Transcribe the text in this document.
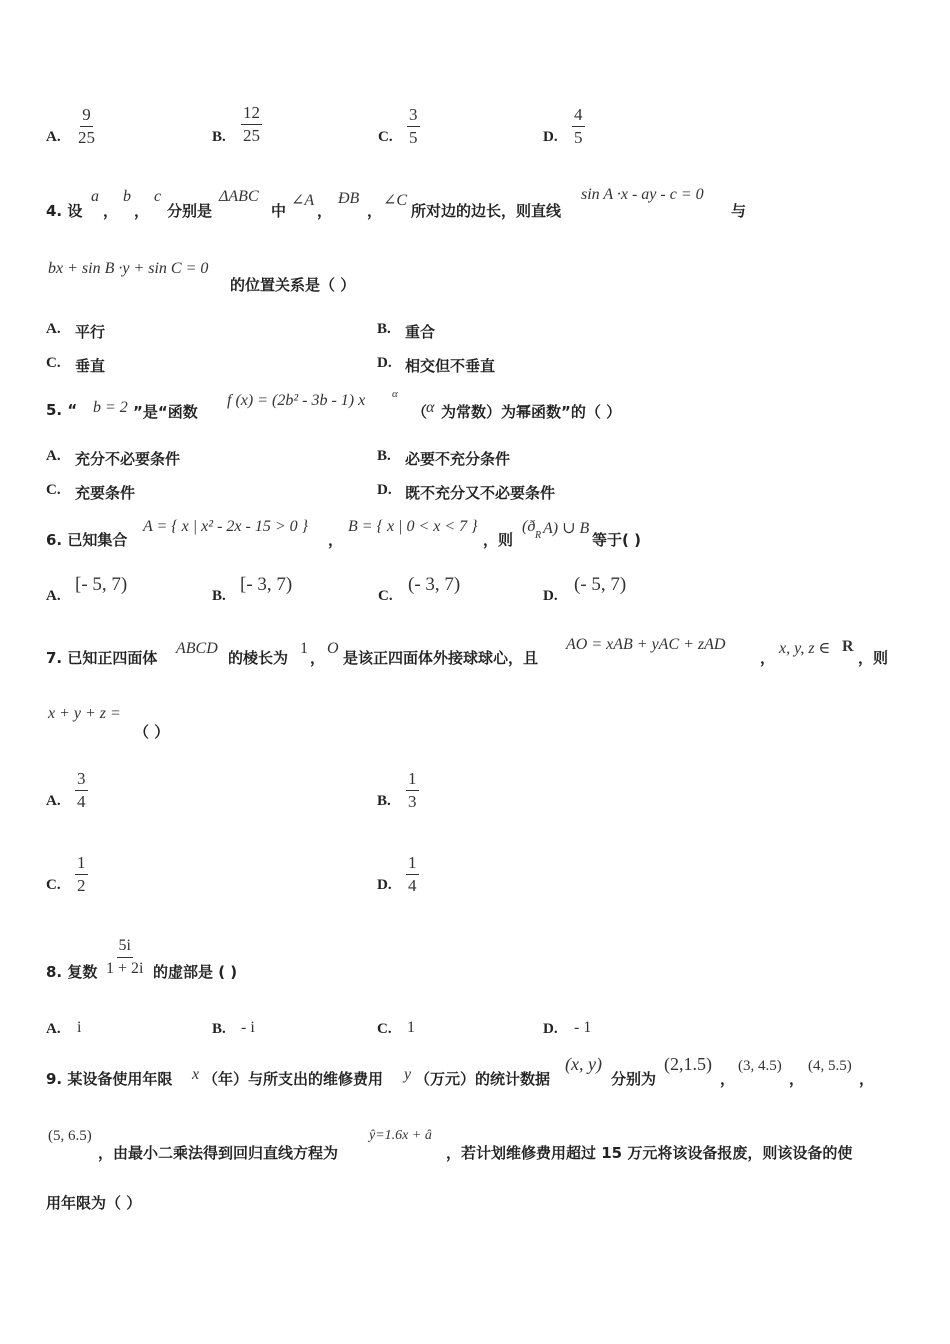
A. $\frac{9}{25}$	B. $\frac{12}{25}$	C. $\frac{3}{5}$	D. $\frac{4}{5}$
4. 设
a
，
b
，
c
分别是
ΔABC
中
∠A
，
ÐB
，
∠C
所对边的边长，则直线
sin A ·x - ay - c = 0
与
bx + sin B ·y + sin C = 0
的位置关系是（ ）
A. 平行	B. 重合
C. 垂直	D. 相交但不垂直
5. “ b = 2 ”是“函数
f (x) = (2b² - 3b - 1) x α
（
α 为常数）为幂函数”的（ ）
A. 充分不必要条件	B. 必要不充分条件
C. 充要条件	D. 既不充分又不必要条件
6. 已知集合
A = { x | x² - 2x - 15 > 0 }
，
B = { x | 0 < x < 7 }
，则
(ð
R A) ∪ B
等于( )
A.
[- 5, 7)
B.
[- 3, 7)
C.
(- 3, 7)
D.
(- 5, 7)
7. 已知正四面体
ABCD
的棱长为
1
，
O
是该正四面体外接球球心，且
AO = xAB + yAC + zAD
，
x, y, z ∈ R
，则
x + y + z =
（ ）
A. $\frac{3}{4}$	B. $\frac{1}{3}$
C. $\frac{1}{2}$	D. $\frac{1}{4}$
8. 复数 $\frac{5i}{1 + 2i}$ 的虚部是 ( )
A. i	B. - i	C. 1	D. - 1
9. 某设备使用年限 x （年）与所支出的维修费用 y （万元）的统计数据
(x, y)
分别为
(2,1.5)
，
(3, 4.5)
，
(4, 5.5)
，
(5, 6.5)
，由最小二乘法得到回归直线方程为
ŷ=1.6x + â
，若计划维修费用超过 15 万元将该设备报废，则该设备的使
用年限为（ ）
